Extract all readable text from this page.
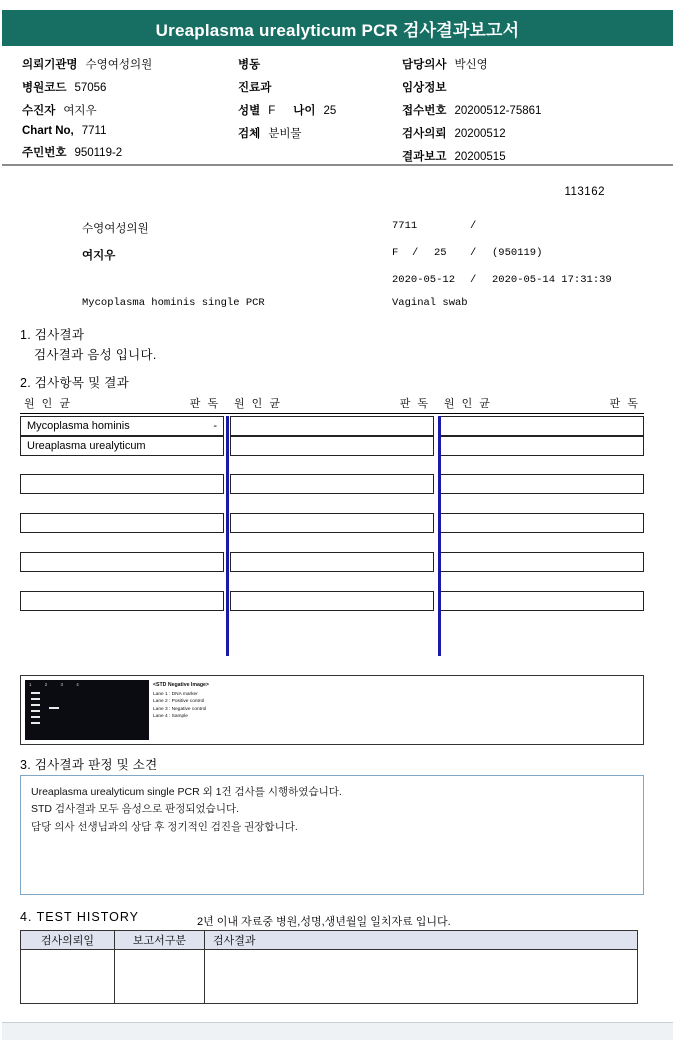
Ureaplasma urealyticum PCR 검사결과보고서
의뢰기관명 수영여성의원
병원코드 57056
수진자 여지우
Chart No, 7711
주민번호 950119-2
병동
진료과
성별 F 나이 25
검체 분비물
담당의사 박신영
임상정보
접수번호 20200512-75861
검사의뢰 20200512
결과보고 20200515
113162
수영여성의원	7711	/
여지우	F	/	25	/	(950119)
2020-05-12	/	2020-05-14 17:31:39
Mycoplasma hominis single PCR	Vaginal swab
1. 검사결과
검사결과 음성 입니다.
2. 검사항목 및 결과
원 인 균	판 독 원 인 균	판 독 원 인 균	판 독
Mycoplasma hominis	-
Ureaplasma urealyticum
1 2 3 4	<STD Negative Image>
Lane 1 : DNA marker
Lane 2 : Positive control
Lane 3 : Negative control
Lane 4 : Sample
3. 검사결과 판정 및 소견
Ureaplasma urealyticum single PCR 외 1건 검사를 시행하였습니다.
STD 검사결과 모두 음성으로 판정되었습니다.
담당 의사 선생님과의 상담 후 정기적인 검진을 권장합니다.
4. TEST HISTORY	2년 이내 자료중 병원,성명,생년월일 일치자료 입니다.
검사의뢰일	보고서구분	검사결과
